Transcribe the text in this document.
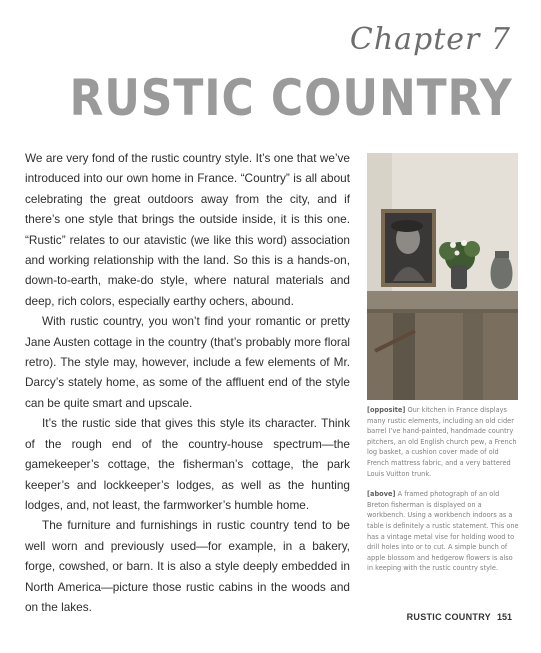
Chapter 7
RUSTIC COUNTRY

We are very fond of the rustic country style. It’s one that we’ve introduced into our own home in France. “Country” is all about celebrating the great outdoors away from the city, and if there’s one style that brings the outside inside, it is this one. “Rustic” relates to our atavistic (we like this word) association and working relationship with the land. So this is a hands-on, down-to-earth, make-do style, where natural materials and deep, rich colors, especially earthy ochers, abound.

With rustic country, you won’t find your romantic or pretty Jane Austen cottage in the country (that’s probably more floral retro). The style may, however, include a few elements of Mr. Darcy’s stately home, as some of the affluent end of the style can be quite smart and upscale.

It’s the rustic side that gives this style its character. Think of the rough end of the country-house spectrum—the gamekeeper’s cottage, the fisherman’s cottage, the park keeper’s and lockkeeper’s lodges, as well as the hunting lodges, and, not least, the farmworker’s humble home.

The furniture and furnishings in rustic country tend to be well worn and previously used—for example, in a bakery, forge, cowshed, or barn. It is also a style deeply embedded in North America—picture those rustic cabins in the woods and on the lakes.

[opposite] Our kitchen in France displays many rustic elements, including an old cider barrel I’ve hand-painted, handmade country pitchers, an old English church pew, a French log basket, a cushion cover made of old French mattress fabric, and a very battered Louis Vuitton trunk.

[above] A framed photograph of an old Breton fisherman is displayed on a workbench. Using a workbench indoors as a table is definitely a rustic statement. This one has a vintage metal vise for holding wood to drill holes into or to cut. A simple bunch of apple blossom and hedgerow flowers is also in keeping with the rustic country style.

RUSTIC COUNTRY 151
